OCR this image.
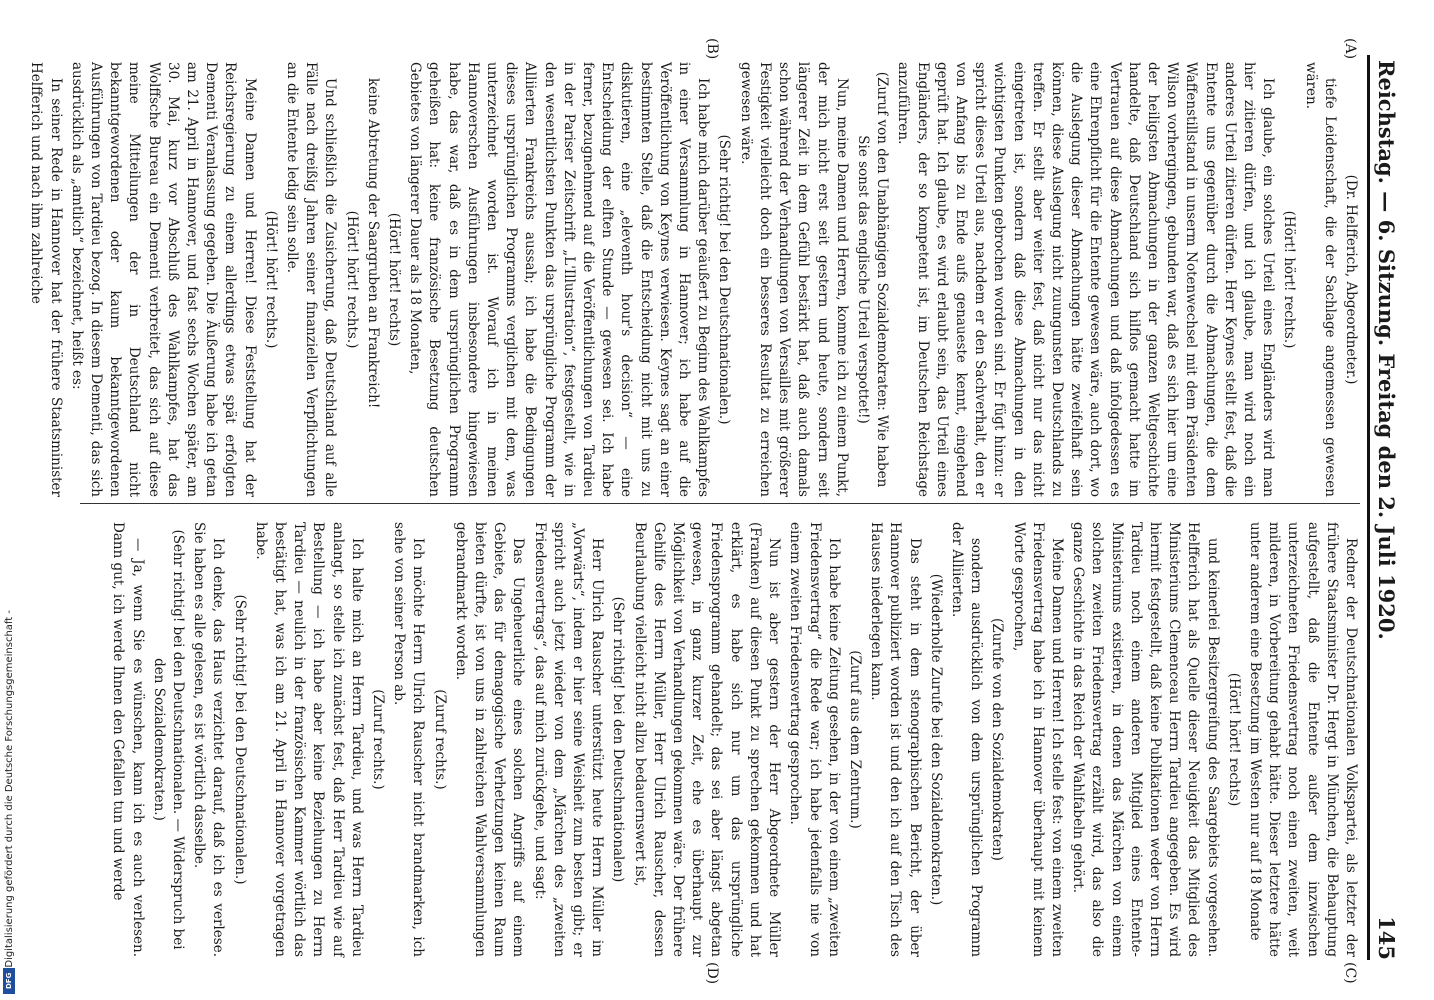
Reichstag. — 6. Sitzung. Freitag den 2. Juli 1920.
145
(A)
(B)
(C)
(D)

(Dr. Helfferich, Abgeordneter.)

tiefe Leidenschaft, die der Sachlage angemessen gewesen wären.

(Hört! hört! rechts.)

Ich glaube, ein solches Urteil eines Engländers wird man hier zitieren dürfen, und ich glaube, man wird noch ein anderes Urteil zitieren dürfen. Herr Keynes stellt fest, daß die Entente uns gegenüber durch die Abmachungen, die dem Waffenstillstand in unserm Notenwechsel mit dem Präsidenten Wilson vorhergingen, gebunden war, daß es sich hier um eine der heiligsten Abmachungen in der ganzen Weltgeschichte handelte, daß Deutschland sich hilflos gemacht hatte im Vertrauen auf diese Abmachungen und daß infolgedessen es eine Ehrenpflicht für die Entente gewesen wäre, auch dort, wo die Auslegung dieser Abmachungen hätte zweifelhaft sein können, diese Auslegung nicht zuungunsten Deutschlands zu treffen. Er stellt aber weiter fest, daß nicht nur das nicht eingetreten ist, sondern daß diese Abmachungen in den wichtigsten Punkten gebrochen worden sind. Er fügt hinzu: er spricht dieses Urteil aus, nachdem er den Sachverhalt, den er von Anfang bis zu Ende aufs genaueste kennt, eingehend geprüft hat. Ich glaube, es wird erlaubt sein, das Urteil eines Engländers, der so kompetent ist, im Deutschen Reichstage anzuführen.

(Zuruf von den Unabhängigen Sozialdemokraten: Wie haben Sie sonst das englische Urteil verspottet!)

Nun, meine Damen und Herren, komme ich zu einem Punkt, der mich nicht erst seit gestern und heute, sondern seit längerer Zeit in dem Gefühl bestärkt hat, daß auch damals schon während der Verhandlungen von Versailles mit größerer Festigkeit vielleicht doch ein besseres Resultat zu erreichen gewesen wäre.

(Sehr richtig! bei den Deutschnationalen.)

Ich habe mich darüber geäußert zu Beginn des Wahlkampfes in einer Versammlung in Hannover; ich habe auf die Veröffentlichung von Keynes verwiesen. Keynes sagt an einer bestimmten Stelle, daß die Entscheidung nicht mit uns zu diskutieren, eine „eleventh hour's decision“ — eine Entscheidung der elften Stunde — gewesen sei. Ich habe ferner, bezugnehmend auf die Veröffentlichungen von Tardieu in der Pariser Zeitschrift „L'Illustration“, festgestellt, wie in den wesentlichsten Punkten das ursprüngliche Programm der Alliierten Frankreichs aussah; ich habe die Bedingungen dieses ursprünglichen Programms verglichen mit dem, was unterzeichnet worden ist. Worauf ich in meinen Hannoverschen Ausführungen insbesondere hingewiesen habe, das war, daß es in dem ursprünglichen Programm geheißen hat: keine französische Besetzung deutschen Gebietes von längerer Dauer als 18 Monaten,

(Hört! hört! rechts)

keine Abtretung der Saargruben an Frankreich!

(Hört! hört! rechts.)

Und schließlich die Zusicherung, daß Deutschland auf alle Fälle nach dreißig Jahren seiner finanziellen Verpflichtungen an die Entente ledig sein solle.

(Hört! hört! rechts.)

Meine Damen und Herren! Diese Feststellung hat der Reichsregierung zu einem allerdings etwas spät erfolgten Dementi Veranlassung gegeben. Die Äußerung habe ich getan am 21. April in Hannover, und fast sechs Wochen später, am 30. Mai, kurz vor Abschluß des Wahlkampfes, hat das Wolffsche Bureau ein Dementi verbreitet, das sich auf diese meine Mitteilungen der in Deutschland nicht bekanntgewordenen oder kaum bekanntgewordenen Ausführungen von Tardieu bezog. In diesem Dementi, das sich ausdrücklich als „amtlich“ bezeichnet, heißt es:

In seiner Rede in Hannover hat der frühere Staatsminister Helfferich und nach ihm zahlreiche

Redner der Deutschnationalen Volkspartei, als letzter der frühere Staatsminister Dr. Hergt in München, die Behauptung aufgestellt, daß die Entente außer dem inzwischen unterzeichneten Friedensvertrag noch einen zweiten, weit milderen, in Vorbereitung gehabt hätte. Dieser letztere hätte unter anderem eine Besetzung im Westen nur auf 18 Monate

(Hört! hört! rechts)

und keinerlei Besitzergreifung des Saargebiets vorgesehen. Helfferich hat als Quelle dieser Neuigkeit das Mitglied des Ministeriums Clemenceau Herrn Tardieu angegeben. Es wird hiermit festgestellt, daß keine Publikationen weder von Herrn Tardieu noch einem anderen Mitglied eines Entente-Ministeriums existieren, in denen das Märchen von einem solchen zweiten Friedensvertrag erzählt wird, das also die ganze Geschichte in das Reich der Wahlfabeln gehört.

Meine Damen und Herren! Ich stelle fest: von einem zweiten Friedensvertrag habe ich in Hannover überhaupt mit keinem Worte gesprochen,

(Zurufe von den Sozialdemokraten)

sondern ausdrücklich von dem ursprünglichen Programm der Alliierten.

(Wiederholte Zurufe bei den Sozialdemokraten.)

Das steht in dem stenographischen Bericht, der über Hannover publiziert worden ist und den ich auf den Tisch des Hauses niederlegen kann.

(Zuruf aus dem Zentrum.)

Ich habe keine Zeitung gesehen, in der von einem „zweiten Friedensvertrag“ die Rede war; ich habe jedenfalls nie von einem zweiten Friedensvertrag gesprochen.

Nun ist aber gestern der Herr Abgeordnete Müller (Franken) auf diesen Punkt zu sprechen gekommen und hat erklärt, es habe sich nur um das ursprüngliche Friedensprogramm gehandelt; das sei aber längst abgetan gewesen, in ganz kurzer Zeit, ehe es überhaupt zur Möglichkeit von Verhandlungen gekommen wäre. Der frühere Gehilfe des Herrn Müller, Herr Ulrich Rauscher, dessen Beurlaubung vielleicht nicht allzu bedauernswert ist,

(Sehr richtig! bei den Deutschnationalen)

Herr Ulrich Rauscher unterstützt heute Herrn Müller im „Vorwärts“, indem er hier seine Weisheit zum besten gibt; er spricht auch jetzt wieder von dem „Märchen des „zweiten Friedensvertrags“, das auf mich zurückgehe, und sagt:

Das Ungeheuerliche eines solchen Angriffs auf einem Gebiete, das für demagogische Verhetzungen keinen Raum bieten dürfte, ist von uns in zahlreichen Wahlversammlungen gebrandmarkt worden.

(Zuruf rechts.)

Ich möchte Herrn Ulrich Rauscher nicht brandmarken, ich sehe von seiner Person ab.

(Zuruf rechts.)

Ich halte mich an Herrn Tardieu, und was Herrn Tardieu anlangt, so stelle ich zunächst fest, daß Herr Tardieu wie auf Bestellung — ich habe aber keine Beziehungen zu Herrn Tardieu — neulich in der französischen Kammer wörtlich das bestätigt hat, was ich am 21. April in Hannover vorgetragen habe.

(Sehr richtig! bei den Deutschnationalen.)

Ich denke, das Haus verzichtet darauf, daß ich es verlese. Sie haben es alle gelesen, es ist wörtlich dasselbe.

(Sehr richtig! bei den Deutschnationalen. — Widerspruch bei den Sozialdemokraten.)

— Ja, wenn Sie es wünschen, kann ich es auch verlesen. Dann gut, ich werde Ihnen den Gefallen tun und werde

Digitalisierung gefördert durch die Deutsche Forschungsgemeinschaft -
DFG
